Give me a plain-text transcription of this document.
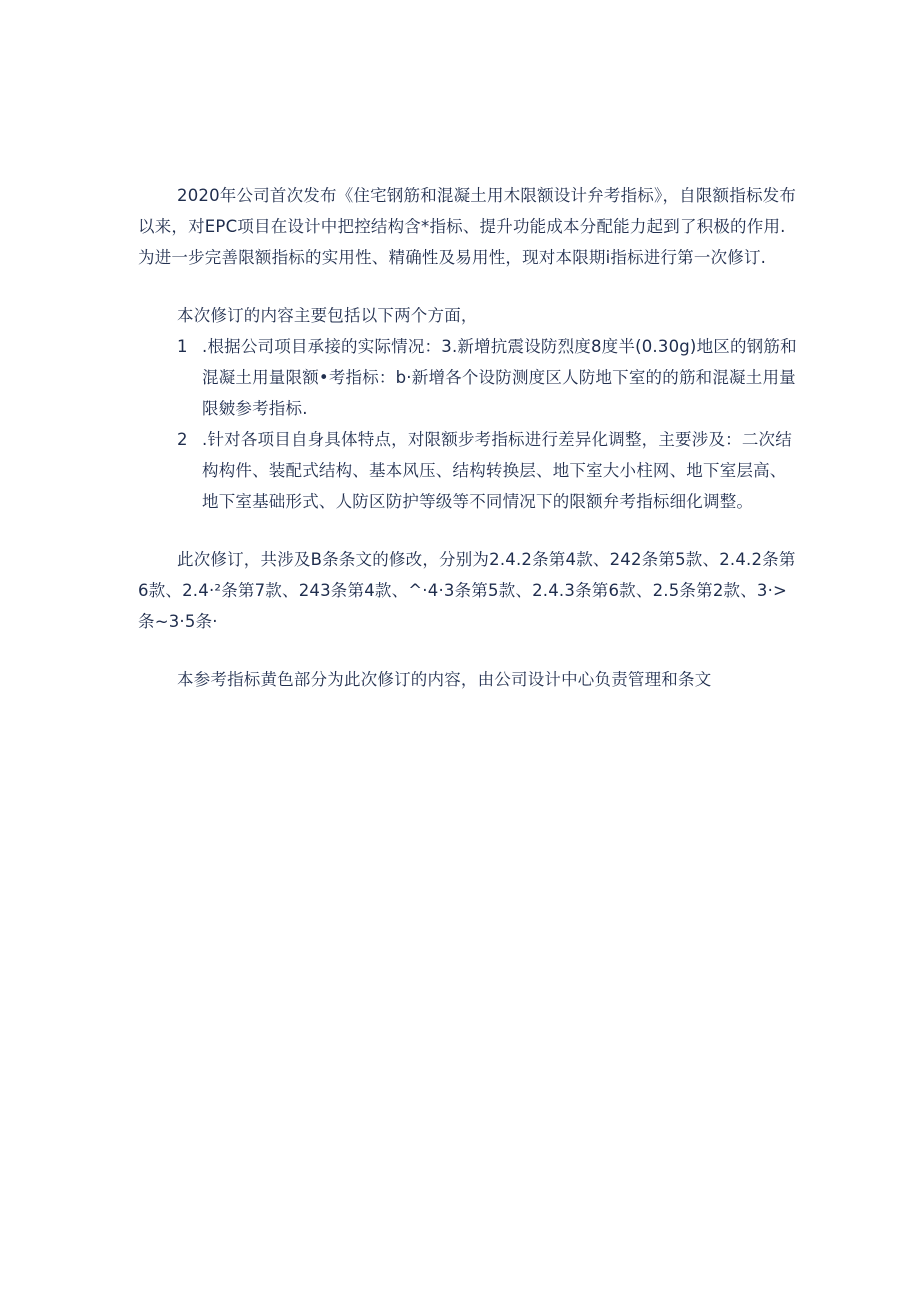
2020年公司首次发布《住宅钢筋和混凝土用木限额设计弁考指标》，自限额指标发布以来，对EPC项目在设计中把控结构含*指标、提升功能成本分配能力起到了积极的作用.为进一步完善限额指标的实用性、精确性及易用性，现对本限期i指标进行第一次修订.

本次修订的内容主要包括以下两个方面，

1 .根据公司项目承接的实际情况：3.新增抗震设防烈度8度半(0.30g)地区的钢筋和混凝土用量限额•考指标：b·新增各个设防测度区人防地下室的的筋和混凝土用量限皴参考指标.
2 .针对各项目自身具体特点，对限额步考指标进行差异化调整，主要涉及：二次结构构件、装配式结构、基本风压、结构转换层、地下室大小柱网、地下室层高、地下室基础形式、人防区防护等级等不同情况下的限额弁考指标细化调整。

此次修订，共涉及B条条文的修改，分别为2.4.2条第4款、242条第5款、2.4.2条第6款、2.4·²条第7款、243条第4款、^·4·3条第5款、2.4.3条第6款、2.5条第2款、3·>条~3·5条·

本参考指标黄色部分为此次修订的内容，由公司设计中心负责管理和条文
